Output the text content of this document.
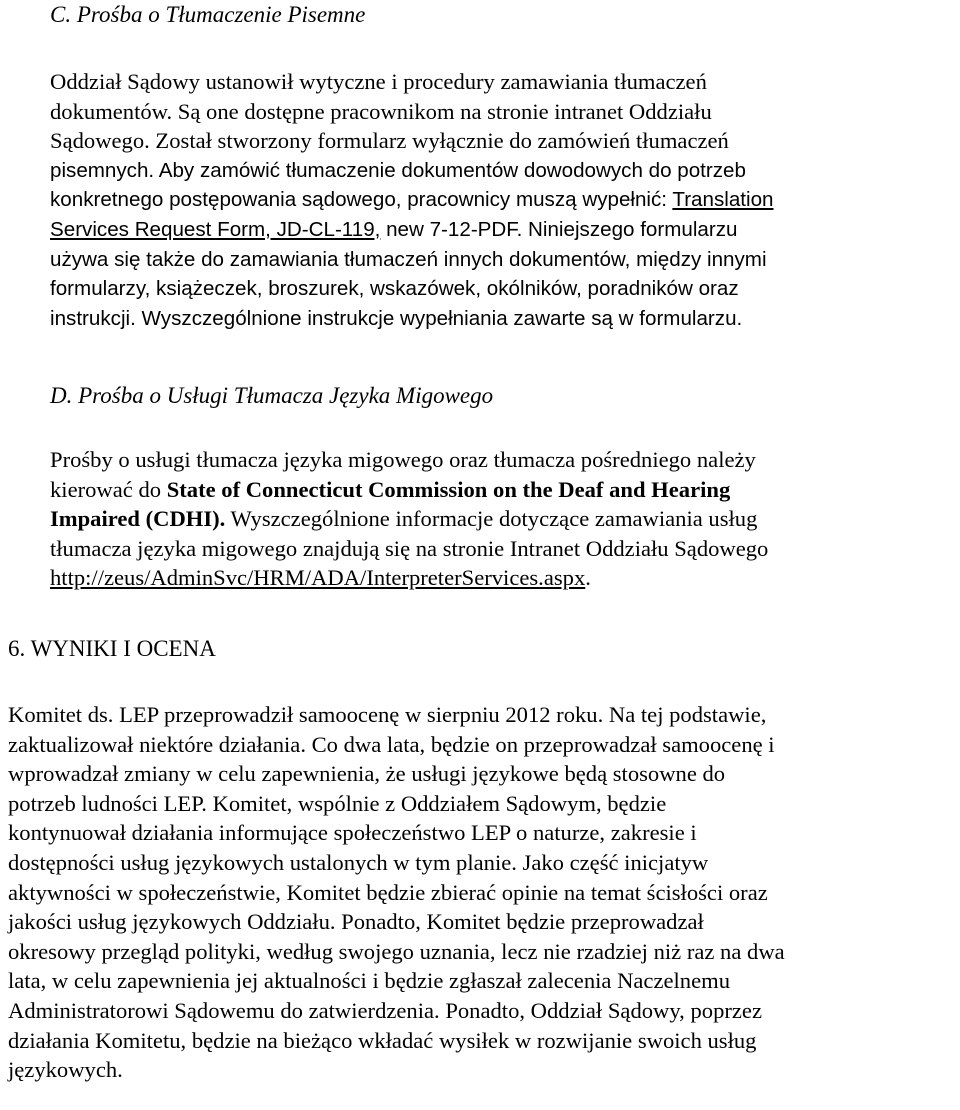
C. Prośba o Tłumaczenie Pisemne
Oddział Sądowy ustanowił wytyczne i procedury zamawiania tłumaczeń
dokumentów. Są one dostępne pracownikom na stronie intranet Oddziału
Sądowego. Został stworzony formularz wyłącznie do zamówień tłumaczeń
pisemnych. Aby zamówić tłumaczenie dokumentów dowodowych do potrzeb
konkretnego postępowania sądowego, pracownicy muszą wypełnić: Translation
Services Request Form, JD-CL-119, new 7-12-PDF. Niniejszego formularzu
używa się także do zamawiania tłumaczeń innych dokumentów, między innymi
formularzy, książeczek, broszurek, wskazówek, okólników, poradników oraz
instrukcji. Wyszczególnione instrukcje wypełniania zawarte są w formularzu.
D. Prośba o Usługi Tłumacza Języka Migowego
Prośby o usługi tłumacza języka migowego oraz tłumacza pośredniego należy
kierować do State of Connecticut Commission on the Deaf and Hearing
Impaired (CDHI). Wyszczególnione informacje dotyczące zamawiania usług
tłumacza języka migowego znajdują się na stronie Intranet Oddziału Sądowego
http://zeus/AdminSvc/HRM/ADA/InterpreterServices.aspx.
6. WYNIKI I OCENA
Komitet ds. LEP przeprowadził samoocenę w sierpniu 2012 roku. Na tej podstawie,
zaktualizował niektóre działania. Co dwa lata, będzie on przeprowadzał samoocenę i
wprowadzał zmiany w celu zapewnienia, że usługi językowe będą stosowne do
potrzeb ludności LEP. Komitet, wspólnie z Oddziałem Sądowym, będzie
kontynuował działania informujące społeczeństwo LEP o naturze, zakresie i
dostępności usług językowych ustalonych w tym planie. Jako część inicjatyw
aktywności w społeczeństwie, Komitet będzie zbierać opinie na temat ścisłości oraz
jakości usług językowych Oddziału. Ponadto, Komitet będzie przeprowadzał
okresowy przegląd polityki, według swojego uznania, lecz nie rzadziej niż raz na dwa
lata, w celu zapewnienia jej aktualności i będzie zgłaszał zalecenia Naczelnemu
Administratorowi Sądowemu do zatwierdzenia. Ponadto, Oddział Sądowy, poprzez
działania Komitetu, będzie na bieżąco wkładać wysiłek w rozwijanie swoich usług
językowych.
